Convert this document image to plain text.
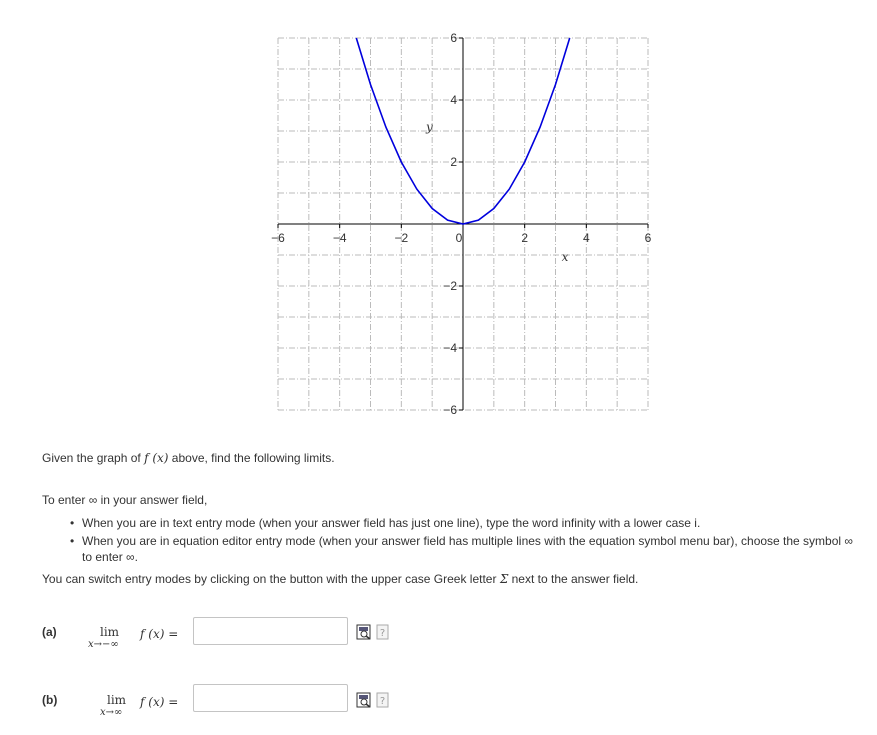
−6	−4	−2	0	2	4	6
−6
−4
−2
2
4
6
x
y
Given the graph of f (x) above, find the following limits.
To enter ∞ in your answer field,
• When you are in text entry mode (when your answer field has just one line), type the word infinity with a lower case i.
• When you are in equation editor entry mode (when your answer field has multiple lines with the equation symbol menu bar), choose the symbol ∞ to enter ∞.
You can switch entry modes by clicking on the button with the upper case Greek letter Σ next to the answer field.
(a)	lim
x→−∞
f (x) =	?
(b)	lim
x→∞
f (x) =	?
